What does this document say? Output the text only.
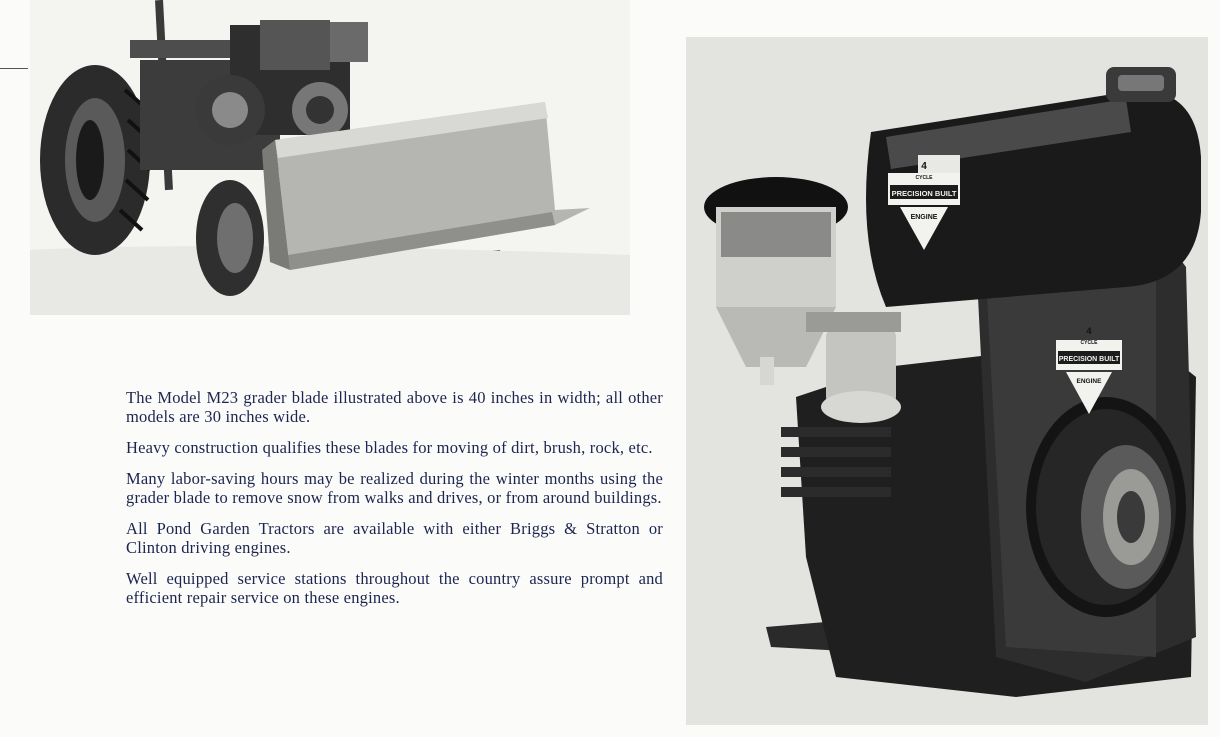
4
CYCLE
PRECISION BUILT
ENGINE
4
CYCLE
PRECISION BUILT
ENGINE

The Model M23 grader blade illustrated above is 40 inches in width; all other models are 30 inches wide.

Heavy construction qualifies these blades for moving of dirt, brush, rock, etc.

Many labor-saving hours may be realized during the winter months using the grader blade to remove snow from walks and drives, or from around buildings.

All Pond Garden Tractors are available with either Briggs & Stratton or Clinton driving engines.

Well equipped service stations throughout the country assure prompt and efficient repair service on these engines.
